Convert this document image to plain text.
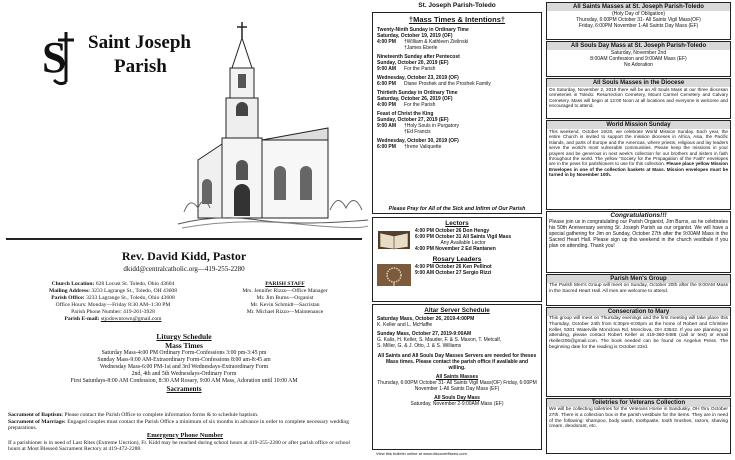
S Saint Joseph
Parish
Rev. David Kidd, Pastor
dkidd@centralcatholic.org—419-255-2280
Church Location: 628 Locust St. Toledo, Ohio 43604
Mailing Address: 3233 Lagrange St., Toledo, OH 43608
Parish Office: 3233 Lagrange St., Toledo, Ohio 43608
Office Hours: Monday—Friday 8:30 AM–1:30 PM
Parish Phone Number: 419-261-3928
Parish E-mail: stjodowntown@gmail.com
PARISH STAFF
Mrs. Jennifer Rizzo—Office Manager
Mr. Jim Burns—Organist
Mr. Kevin Schmidt—Sacristan
Mr. Michael Rizzo—Maintenance
Liturgy Schedule
Mass Times
Saturday Mass-4:00 PM Ordinary Form-Confessions 3:00 pm-3:45 pm
Sunday Mass-9:00 AM-Extraordinary Form-Confessions 8:00 am-8:45 am
Wednesday Mass-6:00 PM-1st and 3rd Wednesdays-Extraordinary Form
2nd, 4th and 5th Wednesdays-Ordinary Form
First Saturdays-8:00 AM Confession, 8:30 AM Rosary, 9:00 AM Mass, Adoration until 10:00 AM
Sacraments
Sacrament of Baptism: Please contact the Parish Office to complete information forms & to schedule baptism.
Sacrament of Marriage: Engaged couples must contact the Parish Office a minimum of six months in advance in order to complete necessary wedding preparations.
Emergency Phone Number
If a parishioner is in need of Last Rites (Extreme Unction), Fr. Kidd may be reached during school hours at 419-255-2280 or after parish office or school hours at Most Blessed Sacrament Rectory at 419-472-2288.
St. Joseph Parish-Toledo
†Mass Times & Intentions†
Twenty-Ninth Sunday in Ordinary Time
Saturday, October 19, 2019 (OF)
4:00 PM	†William & Kathleen Zielinski
†James Eberle
Nineteenth Sunday after Pentecost
Sunday, October 20, 2019 (EF)
9:00 AM	For the Parish
Wednesday, October 23, 2019 (OF)
6:00 PM	Diane Proshek and the Proshek Family
Thirtieth Sunday in Ordinary Time
Saturday, October 26, 2019 (OF)
4:00 PM	For the Parish
Feast of Christ the King
Sunday, October 27, 2019 (EF)
9:00 AM	†Holy Souls in Purgatory
†Ed Francis
Wednesday, October 30, 2019 (OF)
6:00 PM	†Irene Valiquette
Please Pray for All of the Sick and Infirm of Our Parish
Lectors
4:00 PM October 26 Don Hengy
6:00 PM October 31 All Saints Vigil Mass
Any Available Lector
4:00 PM November 2 Ed Rantanen
Rosary Leaders
4:00 PM October 26 Ken Pellinot
9:00 AM October 27 Sergio Rizzi
Altar Server Schedule
Saturday Mass, October 26, 2019-4:00PM
K. Keller and L. McHaffie
Sunday Mass, October 27, 2019-9:00AM
G. Kalis, H. Keller, S. Mauder, F. & S. Maxon, T. Metcalf,
S. Miller, G. & J. Otto, J. & S. Williams
All Saints and All Souls Day Masses Servers are needed for theses Mass times. Please contact the parish office if available and willing.
All Saints Masses
Thursday, 6:00PM October 31- All Saints Vigil Mass(OF) Friday, 6:00PM November 1-All Saints Day Mass (EF)
All Souls Day Mass
Saturday, November 2-9:00AM Mass (EF)
View this bulletin online at www.discoverffaces.com
All Saints Masses at St. Joseph Parish-Toledo
(Holy Day of Obligation)
Thursday, 6:00PM October 31- All Saints Vigil Mass(OF)
Friday, 6:00PM November 1-All Saints Day Mass (EF)
All Souls Day Mass at St. Joseph Parish-Toledo
Saturday, November 2nd
8:00AM Confession and 9:00AM Mass (EF)
No Adoration
All Souls Masses in the Diocese
On Saturday, November 2, 2019 there will be an All Souls Mass at our three diocesan cemeteries in Toledo: Resurrection Cemetery, Mount Carmel Cemetery and Calvary Cemetery. Mass will begin at 12:00 Noon at all locations and everyone is welcome and encouraged to attend.
World Mission Sunday
This weekend, October 19/20, we celebrate World Mission Sunday. Each year, the entire Church is invited to support the mission dioceses in Africa, Asia, the Pacific Islands, and parts of Europe and the Americas, where priests, religious and lay leaders serve the world's most vulnerable communities. Please keep the missions in your prayers and be generous in next week's collection for our brothers and sisters in faith throughout the world. The yellow "Society for the Propagation of the Faith" envelopes are in the pews for parishioners to use for this collection. Please place yellow Mission Envelopes in one of the collection baskets at Mass. Mission envelopes must be turned in by November 10th.
Congratulations!!!
Please join us in congratulating our Parish Organist, Jim Burns, as he celebrates his 50th Anniversary serving St. Joseph Parish as our organist. We will have a special gathering for Jim on Sunday, October 27th after the 9:00AM Mass in the Sacred Heart Hall. Please sign up this weekend in the church vestibule if you plan on attending. Thank you!
Parish Men's Group
The Parish Men's Group will meet on Sunday, October 20th after the 9:00AM Mass in the Sacred Heart Hall. All men are welcome to attend.
Consecration to Mary
This group will meet on Thursday evenings and the first meeting will take place this Thursday, October 24th from 6:30pm-8:00pm at the home of Robert and Christine Keller, 5301 Waterville Monclova Rd, Monclova, OH 43542. If you are planning on attending, please contact Robert Keller at 419-360-0488 (call or text) or email rkeller206@gmail.com. The book needed can be found on Angelus Press. The beginning date for the reading is October 23rd.
Toiletries for Veterans Collection
We will be collecting toiletries for the Veterans Home in Sandusky, OH thru October 27th. There is a collection box in the parish vestibule for the items. They are in need of the following: shampoo, body wash, toothpaste, tooth brushes, razors, shaving cream, deodorant, etc.
